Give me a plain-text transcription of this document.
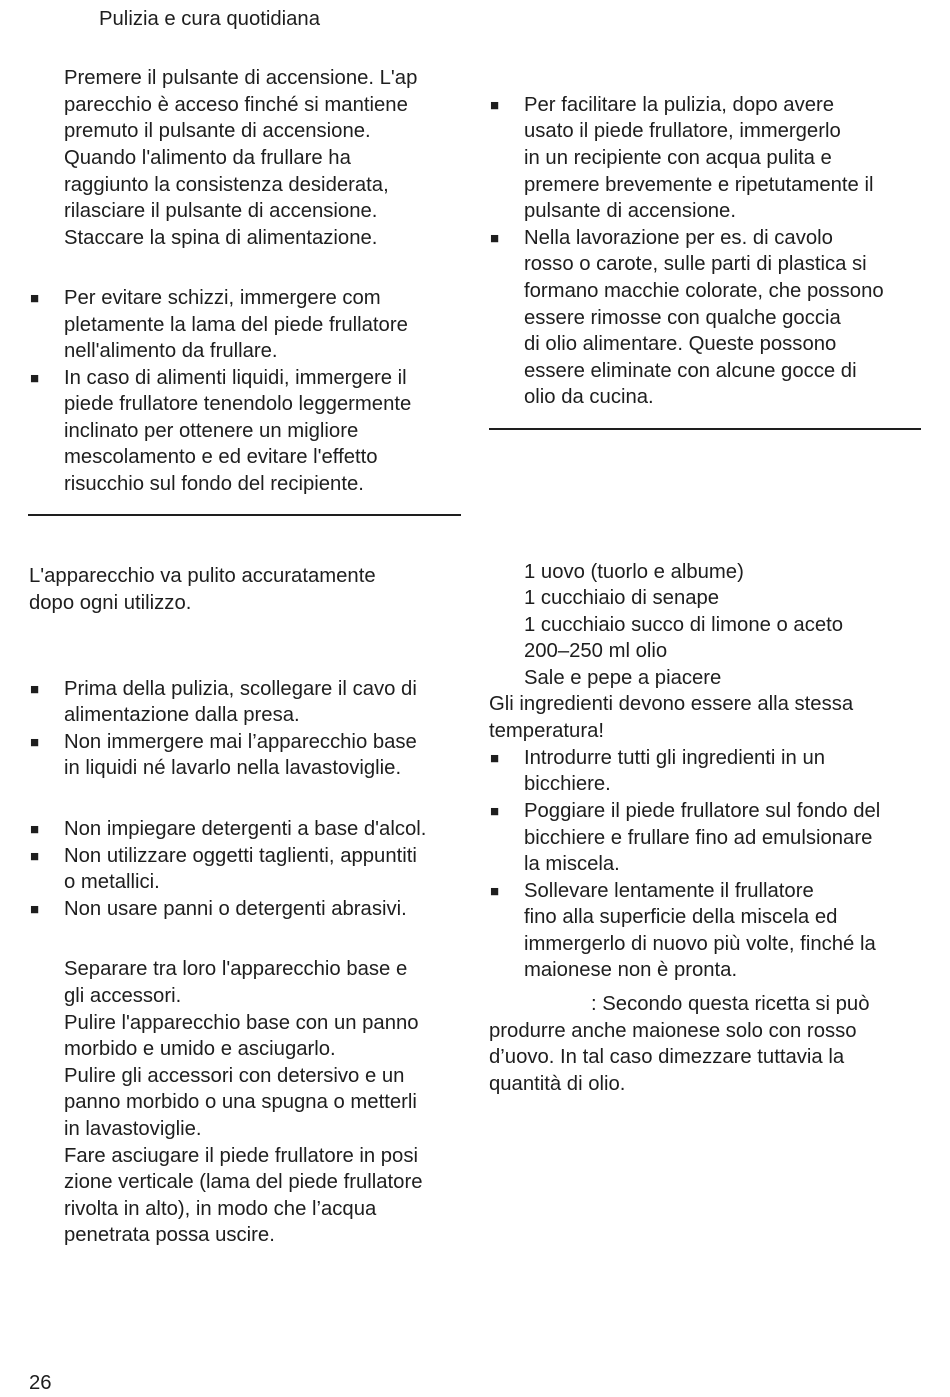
Pulizia e cura quotidiana
Premere il pulsante di accensione. L'ap
parecchio è acceso finché si mantiene
premuto il pulsante di accensione.
Quando l'alimento da frullare ha
raggiunto la consistenza desiderata,
rilasciare il pulsante di accensione.
Staccare la spina di alimentazione.
■ Per evitare schizzi, immergere com
pletamente la lama del piede frullatore
nell'alimento da frullare.
■ In caso di alimenti liquidi, immergere il
piede frullatore tenendolo leggermente
inclinato per ottenere un migliore
mescolamento e ed evitare l'effetto
risucchio sul fondo del recipiente.
L'apparecchio va pulito accuratamente
dopo ogni utilizzo.
■ Prima della pulizia, scollegare il cavo di
alimentazione dalla presa.
■ Non immergere mai l’apparecchio base
in liquidi né lavarlo nella lavastoviglie.
■ Non impiegare detergenti a base d'alcol.
■ Non utilizzare oggetti taglienti, appuntiti
o metallici.
■ Non usare panni o detergenti abrasivi.
Separare tra loro l'apparecchio base e
gli accessori.
Pulire l'apparecchio base con un panno
morbido e umido e asciugarlo.
Pulire gli accessori con detersivo e un
panno morbido o una spugna o metterli
in lavastoviglie.
Fare asciugare il piede frullatore in posi
zione verticale (lama del piede frullatore
rivolta in alto), in modo che l’acqua
penetrata possa uscire.
26
■ Per facilitare la pulizia, dopo avere
usato il piede frullatore, immergerlo
in un recipiente con acqua pulita e
premere brevemente e ripetutamente il
pulsante di accensione.
■ Nella lavorazione per es. di cavolo
rosso o carote, sulle parti di plastica si
formano macchie colorate, che possono
essere rimosse con qualche goccia
di olio alimentare. Queste possono
essere eliminate con alcune gocce di
olio da cucina.
1 uovo (tuorlo e albume)
1 cucchiaio di senape
1 cucchiaio succo di limone o aceto
200–250 ml olio
Sale e pepe a piacere
Gli ingredienti devono essere alla stessa
temperatura!
■ Introdurre tutti gli ingredienti in un
bicchiere.
■ Poggiare il piede frullatore sul fondo del
bicchiere e frullare fino ad emulsionare
la miscela.
■ Sollevare lentamente il frullatore
fino alla superficie della miscela ed
immergerlo di nuovo più volte, finché la
maionese non è pronta.
: Secondo questa ricetta si può
produrre anche maionese solo con rosso
d’uovo. In tal caso dimezzare tuttavia la
quantità di olio.
